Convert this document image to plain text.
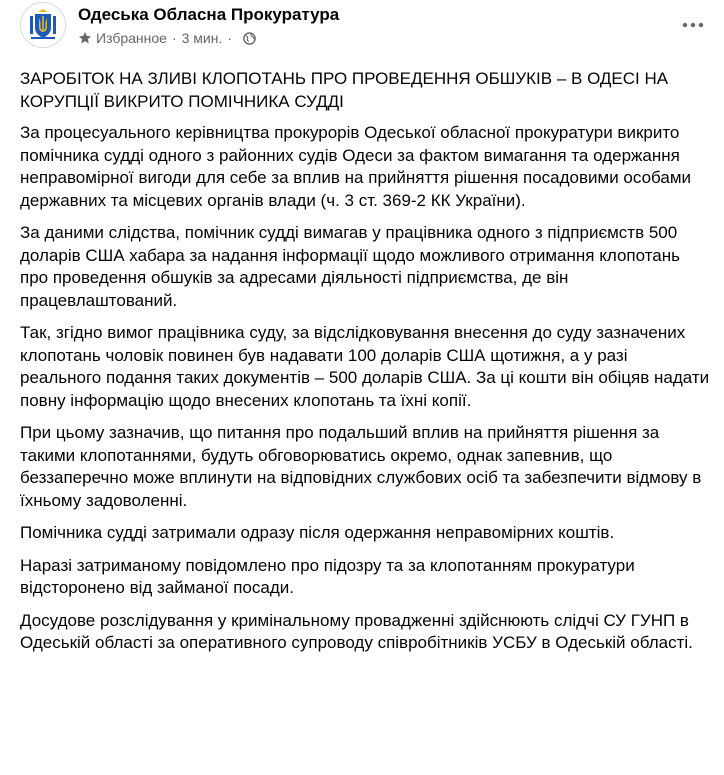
Одеська Обласна Прокуратура
Избранное · 3 мин. ·

ЗАРОБІТОК НА ЗЛИВІ КЛОПОТАНЬ ПРО ПРОВЕДЕННЯ ОБШУКІВ – В ОДЕСІ НА КОРУПЦІЇ ВИКРИТО ПОМІЧНИКА СУДДІ

За процесуального керівництва прокурорів Одеської обласної прокуратури викрито помічника судді одного з районних судів Одеси за фактом вимагання та одержання неправомірної вигоди для себе за вплив на прийняття рішення посадовими особами державних та місцевих органів влади (ч. 3 ст. 369-2 КК України).

За даними слідства, помічник судді вимагав у працівника одного з підприємств 500 доларів США хабара за надання інформації щодо можливого отримання клопотань про проведення обшуків за адресами діяльності підприємства, де він працевлаштований.

Так, згідно вимог працівника суду, за відслідковування внесення до суду зазначених клопотань чоловік повинен був надавати 100 доларів США щотижня, а у разі реального подання таких документів – 500 доларів США. За ці кошти він обіцяв надати повну інформацію щодо внесених клопотань та їхні копії.

При цьому зазначив, що питання про подальший вплив на прийняття рішення за такими клопотаннями, будуть обговорюватись окремо, однак запевнив, що беззаперечно може вплинути на відповідних службових осіб та забезпечити відмову в їхньому задоволенні.

Помічника судді затримали одразу після одержання неправомірних коштів.

Наразі затриманому повідомлено про підозру та за клопотанням прокуратури відсторонено від займаної посади.

Досудове розслідування у кримінальному провадженні здійснюють слідчі СУ ГУНП в Одеській області за оперативного супроводу співробітників УСБУ в Одеській області.
